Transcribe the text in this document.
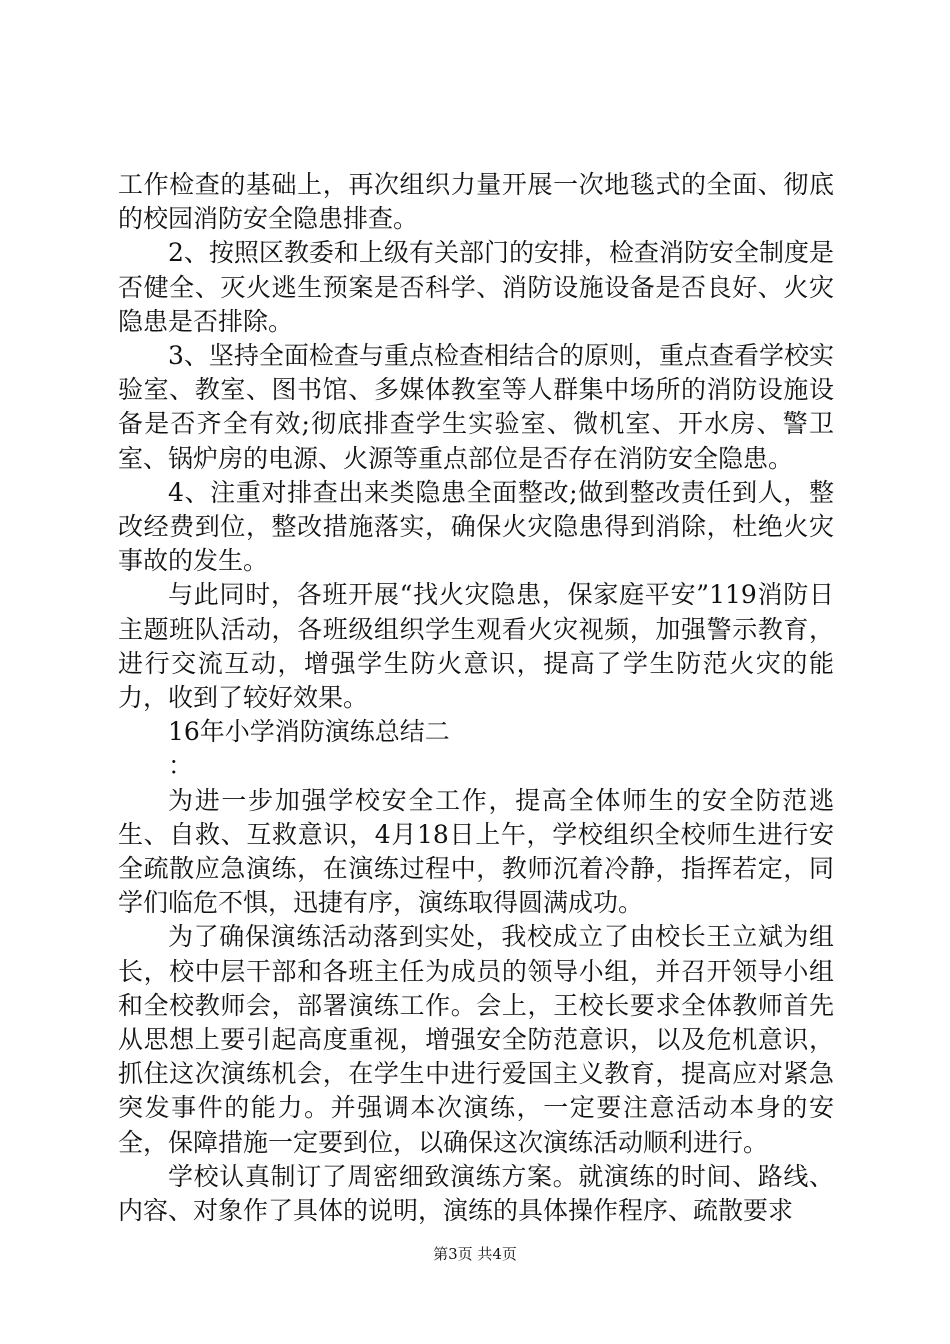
工作检查的基础上，再次组织力量开展一次地毯式的全面、彻底的校园消防安全隐患排查。

2、按照区教委和上级有关部门的安排，检查消防安全制度是否健全、灭火逃生预案是否科学、消防设施设备是否良好、火灾隐患是否排除。

3、坚持全面检查与重点检查相结合的原则，重点查看学校实验室、教室、图书馆、多媒体教室等人群集中场所的消防设施设备是否齐全有效;彻底排查学生实验室、微机室、开水房、警卫室、锅炉房的电源、火源等重点部位是否存在消防安全隐患。

4、注重对排查出来类隐患全面整改;做到整改责任到人，整改经费到位，整改措施落实，确保火灾隐患得到消除，杜绝火灾事故的发生。

与此同时，各班开展“找火灾隐患，保家庭平安”119消防日主题班队活动，各班级组织学生观看火灾视频，加强警示教育，进行交流互动，增强学生防火意识，提高了学生防范火灾的能力，收到了较好效果。

16年小学消防演练总结二

：

为进一步加强学校安全工作，提高全体师生的安全防范逃生、自救、互救意识，4月18日上午，学校组织全校师生进行安全疏散应急演练，在演练过程中，教师沉着冷静，指挥若定，同学们临危不惧，迅捷有序，演练取得圆满成功。

为了确保演练活动落到实处，我校成立了由校长王立斌为组长，校中层干部和各班主任为成员的领导小组，并召开领导小组和全校教师会，部署演练工作。会上，王校长要求全体教师首先从思想上要引起高度重视，增强安全防范意识，以及危机意识，抓住这次演练机会，在学生中进行爱国主义教育，提高应对紧急突发事件的能力。并强调本次演练，一定要注意活动本身的安全，保障措施一定要到位，以确保这次演练活动顺利进行。

学校认真制订了周密细致演练方案。就演练的时间、路线、内容、对象作了具体的说明，演练的具体操作程序、疏散要求

第3页 共4页
